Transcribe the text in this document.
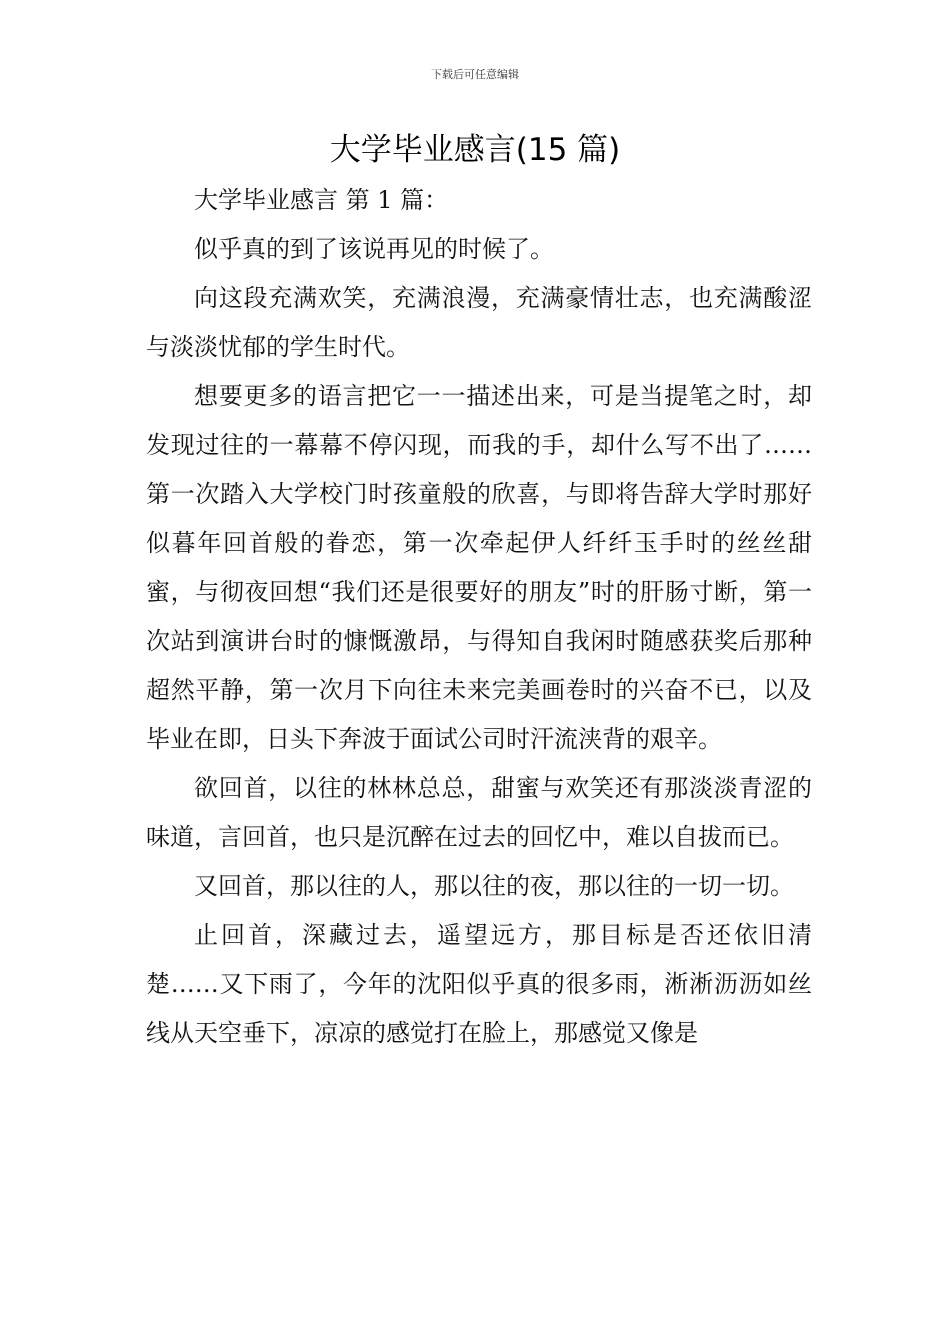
下载后可任意编辑
大学毕业感言(15 篇)

大学毕业感言 第 1 篇：

似乎真的到了该说再见的时候了。

向这段充满欢笑，充满浪漫，充满豪情壮志，也充满酸涩与淡淡忧郁的学生时代。

想要更多的语言把它一一描述出来，可是当提笔之时，却发现过往的一幕幕不停闪现，而我的手，却什么写不出了……第一次踏入大学校门时孩童般的欣喜，与即将告辞大学时那好似暮年回首般的眷恋，第一次牵起伊人纤纤玉手时的丝丝甜蜜，与彻夜回想“我们还是很要好的朋友”时的肝肠寸断，第一次站到演讲台时的慷慨激昂，与得知自我闲时随感获奖后那种超然平静，第一次月下向往未来完美画卷时的兴奋不已，以及毕业在即，日头下奔波于面试公司时汗流浃背的艰辛。

欲回首，以往的林林总总，甜蜜与欢笑还有那淡淡青涩的味道，言回首，也只是沉醉在过去的回忆中，难以自拔而已。

又回首，那以往的人，那以往的夜，那以往的一切一切。

止回首，深藏过去，遥望远方，那目标是否还依旧清楚……又下雨了，今年的沈阳似乎真的很多雨，淅淅沥沥如丝线从天空垂下，凉凉的感觉打在脸上，那感觉又像是
